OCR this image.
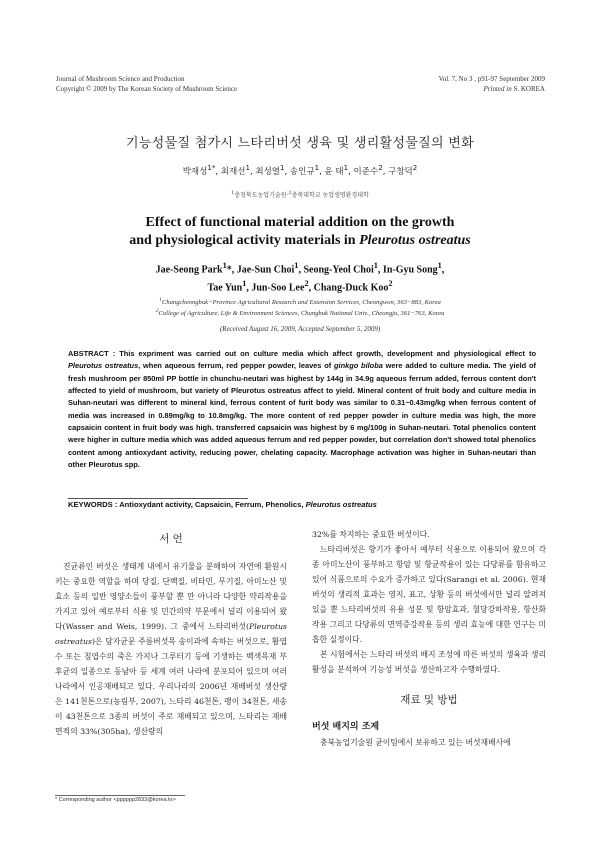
Journal of Mushroom Science and Production
Copyright © 2009 by The Korean Society of Mushroom Science
Vol. 7, No 3 , p91-97 September 2009
Printed in S. KOREA
기능성물질 첨가시 느타리버섯 생육 및 생리활성물질의 변화
박재성$^{1*}$, 최재선$^1$, 최성열$^1$, 송인규$^1$, 윤 태$^1$, 이준수$^2$, 구창덕$^2$
$^1$충청북도농업기술원·$^2$충북대학교 농업생명환경대학
Effect of functional material addition on the growth
and physiological activity materials in Pleurotus ostreatus
Jae-Seong Park$^1$*, Jae-Sun Choi$^1$, Seong-Yeol Choi$^1$, In-Gyu Song$^1$,
Tae Yun$^1$, Jun-Soo Lee$^2$, Chang-Duck Koo$^2$
$^1$Chungcheongbuk−Province Agricultural Research and Extension Services, Cheongwon, 363−883, Korea
$^2$College of Agriculture, Life & Environment Sciences, Chungbuk National Univ., Cheongju, 361−763, Korea
(Received August 16, 2009, Accepted September 5, 2009)
ABSTRACT : This expriment was carried out on culture media which affect growth, development and physiological effect to Pleurotus ostreatus, when aqueous ferrum, red pepper powder, leaves of ginkgo biloba were added to culture media. The yield of fresh mushroom per 850ml PP bottle in chunchu-neutari was highest by 144g in 34.9g aqueous ferrum added, ferrous content don't affected to yield of mushroom, but variety of Pleurotus ostreatus affect to yield. Mineral content of fruit body and culture media in Suhan-neutari was different to mineral kind, ferrous content of furit body was similar to 0.31~0.43mg/kg when ferrous content of media was increased in 0.89mg/kg to 10.8mg/kg. The more content of red pepper powder in culture media was high, the more capsaicin content in fruit body was high. transferred capsaicin was highest by 6 mg/100g in Suhan-neutari. Total phenolics content were higher in culture media which was added aqueous ferrum and red pepper powder, but correlation don't showed total phenolics content among antioxydant activity, reducing power, chelating capacity. Macrophage activation was higher in Suhan-neutari than other Pleurotus spp.
KEYWORDS : Antioxydant activity, Capsaicin, Ferrum, Phenolics, Pleurotus ostreatus
서 언

진균류인 버섯은 생태계 내에서 유기물을 분해하여 자연에 환원시키는 중요한 역할을 하며 당질, 단백질, 비타민, 무기질, 아미노산 및 효소 등의 일반 영양소들이 풍부할 뿐 만 아니라 다양한 약리작용을 가지고 있어 예로부터 식용 및 민간의약 부문에서 널리 이용되어 왔다(Wasser and Weis, 1999). 그 중에서 느타리버섯(Pleurotus ostreatus)은 담자균문 주름버섯목 송이과에 속하는 버섯으로, 활엽수 또는 침엽수의 죽은 가지나 그루터기 등에 기생하는 백색목재 부후균의 일종으로 동남아 등 세계 여러 나라에 분포되어 있으며 여러 나라에서 인공재배되고 있다. 우리나라의 2006년 재배버섯 생산량은 141천톤으로(농림부, 2007), 느타리 46천톤, 팽이 34천톤, 새송이 43천톤으로 3종의 버섯이 주로 재배되고 있으며, 느타리는 재배면적의 33%(305ha), 생산량의

32%를 차지하는 중요한 버섯이다.

느타리버섯은 향기가 좋아서 예부터 식용으로 이용되어 왔으며 각종 아미노산이 풍부하고 항암 및 항균작용이 있는 다당류를 함유하고 있어 식품으로의 수요가 증가하고 있다(Sarangi et al. 2006). 현재 버섯의 생리적 효과는 영지, 표고, 상황 등의 버섯에서만 널리 알려져 있을 뿐 느타리버섯의 유용 성분 및 항암효과, 혈당강하작용, 항산화작용 그리고 다당류의 면역증강작용 등의 생리 효능에 대한 연구는 미흡한 실정이다.

본 시험에서는 느타리 버섯의 배지 조성에 따른 버섯의 생육과 생리활성을 분석하여 기능성 버섯을 생산하고자 수행하였다.

재료 및 방법
버섯 배지의 조제

충북농업기술원 균이팀에서 보유하고 있는 버섯재배사에

* Corresponding author <pppppp2833@korea.kr>
